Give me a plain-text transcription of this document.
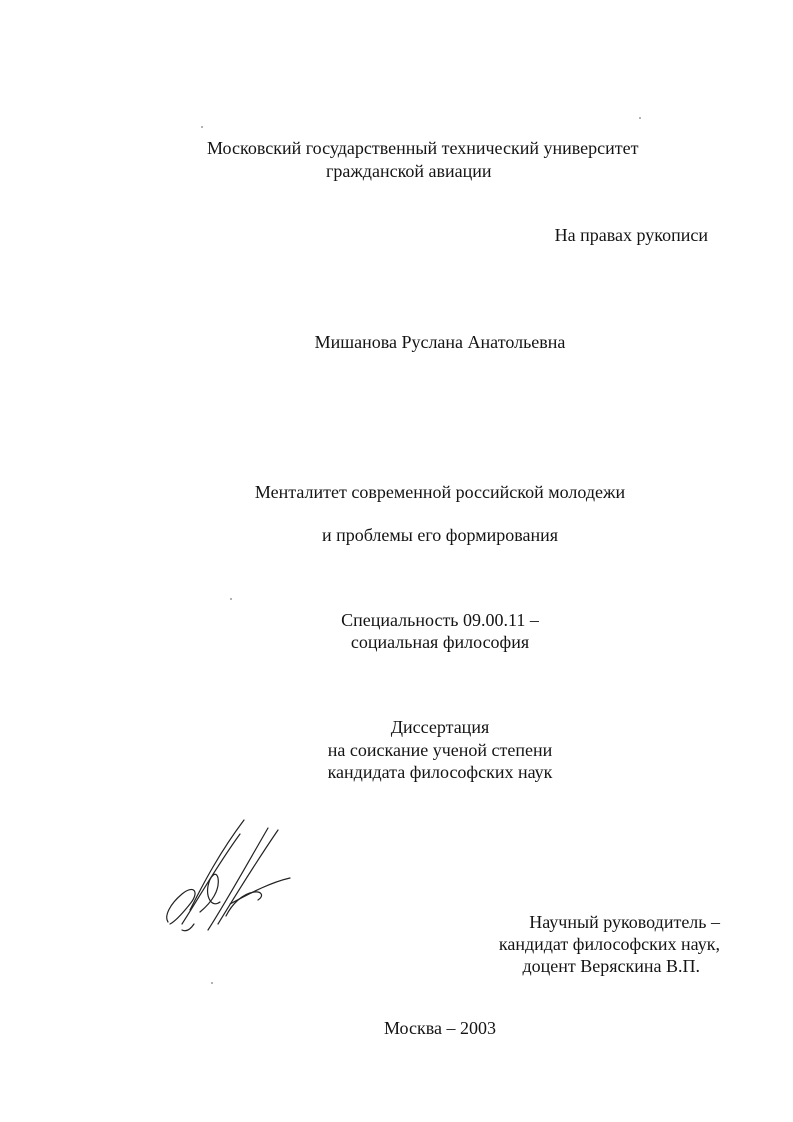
Московский государственный технический университет
гражданской авиации
На правах рукописи
Мишанова Руслана Анатольевна
Менталитет современной российской молодежи
и проблемы его формирования
Специальность 09.00.11 –
социальная философия
Диссертация
на соискание ученой степени
кандидата философских наук
Научный руководитель –
кандидат философских наук,
доцент Веряскина В.П.
Москва – 2003
